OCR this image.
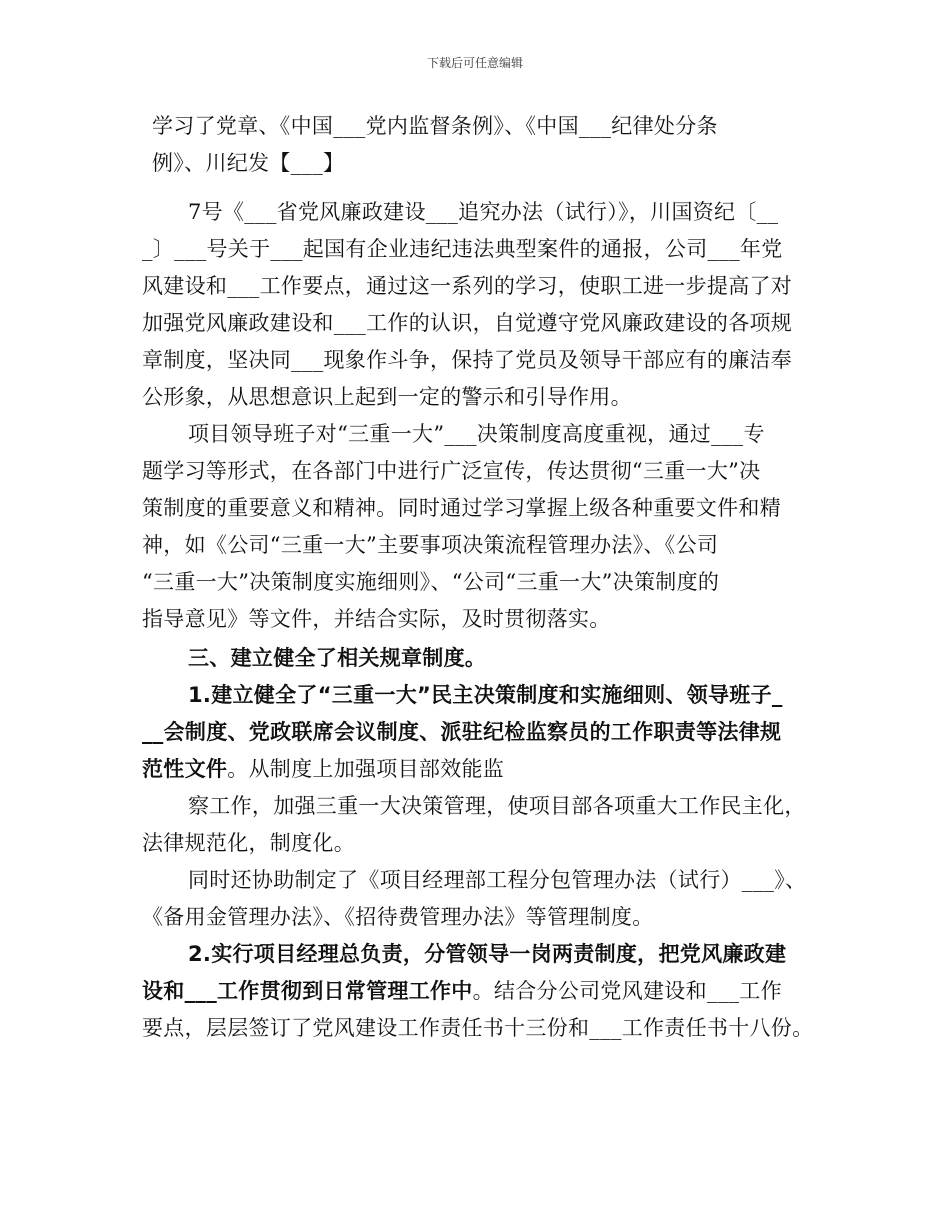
下载后可任意编辑
学习了党章、《中国___党内监督条例》、《中国___纪律处分条
例》、川纪发【___】
7号《___省党风廉政建设___追究办法（试行）》，川国资纪〔__
_〕___号关于___起国有企业违纪违法典型案件的通报，公司___年党
风建设和___工作要点，通过这一系列的学习，使职工进一步提高了对
加强党风廉政建设和___工作的认识，自觉遵守党风廉政建设的各项规
章制度，坚决同___现象作斗争，保持了党员及领导干部应有的廉洁奉
公形象，从思想意识上起到一定的警示和引导作用。
项目领导班子对“三重一大”___决策制度高度重视，通过___专
题学习等形式，在各部门中进行广泛宣传，传达贯彻“三重一大”决
策制度的重要意义和精神。同时通过学习掌握上级各种重要文件和精
神，如《公司“三重一大”主要事项决策流程管理办法》、《公司
“三重一大”决策制度实施细则》、“公司“三重一大”决策制度的
指导意见》等文件，并结合实际，及时贯彻落实。
三、建立健全了相关规章制度。
1.建立健全了“三重一大”民主决策制度和实施细则、领导班子_
__会制度、党政联席会议制度、派驻纪检监察员的工作职责等法律规
范性文件。从制度上加强项目部效能监
察工作，加强三重一大决策管理，使项目部各项重大工作民主化，
法律规范化，制度化。
同时还协助制定了《项目经理部工程分包管理办法（试行）___》、
《备用金管理办法》、《招待费管理办法》等管理制度。
2.实行项目经理总负责，分管领导一岗两责制度，把党风廉政建
设和___工作贯彻到日常管理工作中。结合分公司党风建设和___工作
要点，层层签订了党风建设工作责任书十三份和___工作责任书十八份。
